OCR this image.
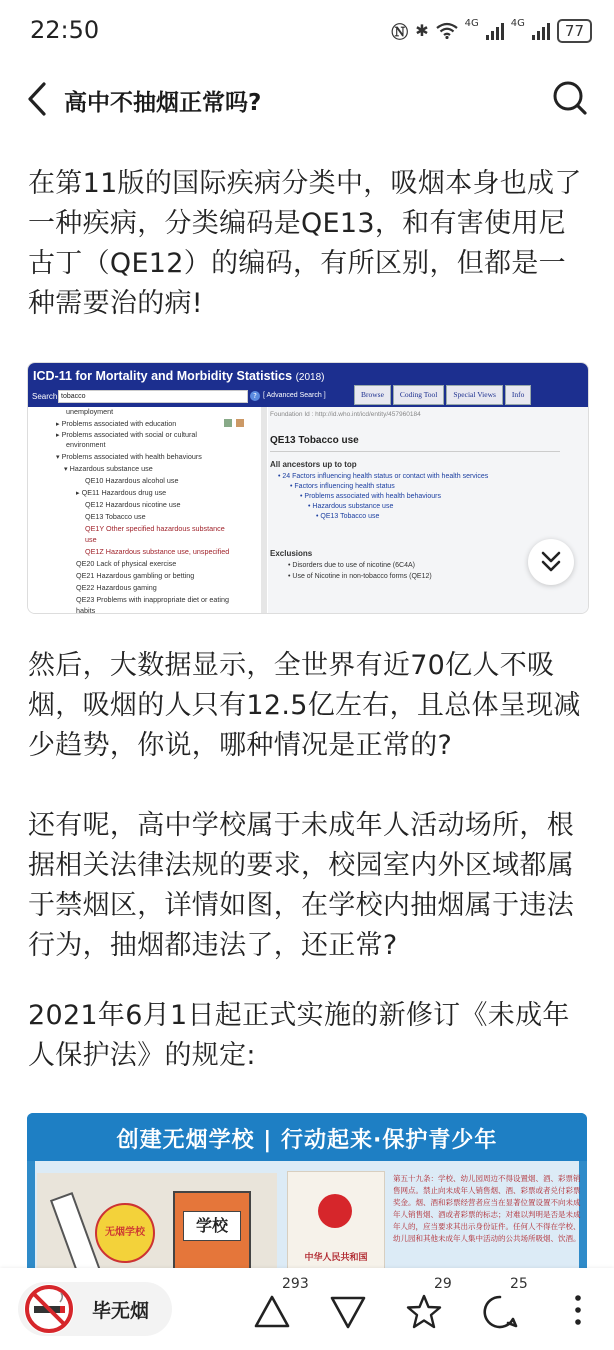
22:50	Ⓝ ✱	4G	4G	77
高中不抽烟正常吗?

在第11版的国际疾病分类中，吸烟本身也成了一种疾病，分类编码是QE13，和有害使用尼古丁（QE12）的编码，有所区别，但都是一种需要治的病!

ICD-11 for Mortality and Morbidity Statistics (2018)
Search tobacco	? [ Advanced Search ]	Browse	Coding Tool	Special Views	Info
unemployment
▸ Problems associated with education
▸ Problems associated with social or cultural
environment
▾ Problems associated with health behaviours
▾ Hazardous substance use
QE10 Hazardous alcohol use
▸ QE11 Hazardous drug use
QE12 Hazardous nicotine use
QE13 Tobacco use
QE1Y Other specified hazardous substance
use
QE1Z Hazardous substance use, unspecified
QE20 Lack of physical exercise
QE21 Hazardous gambling or betting
QE22 Hazardous gaming
QE23 Problems with inappropriate diet or eating
habits
Foundation Id : http://id.who.int/icd/entity/457960184
QE13 Tobacco use
All ancestors up to top
• 24 Factors influencing health status or contact with health services
• Factors influencing health status
• Problems associated with health behaviours
• Hazardous substance use
• QE13 Tobacco use
Exclusions
• Disorders due to use of nicotine (6C4A)
• Use of Nicotine in non-tobacco forms (QE12)

然后，大数据显示，全世界有近70亿人不吸烟，吸烟的人只有12.5亿左右，且总体呈现减少趋势，你说，哪种情况是正常的?

还有呢，高中学校属于未成年人活动场所，根据相关法律法规的要求，校园室内外区域都属于禁烟区，详情如图，在学校内抽烟属于违法行为，抽烟都违法了，还正常?

2021年6月1日起正式实施的新修订《未成年人保护法》的规定:

创建无烟学校 | 行动起来·保护青少年
无烟学校	学校
中华人民共和国
第五十九条：学校、幼儿园周边不得设置烟、酒、彩票销售网点。禁止向未成年人销售烟、酒、彩票或者兑付彩票奖金。烟、酒和彩票经营者应当在显著位置设置不向未成年人销售烟、酒或者彩票的标志；对难以判明是否是未成年人的，应当要求其出示身份证件。任何人不得在学校、幼儿园和其他未成年人集中活动的公共场所吸烟、饮酒。
毕无烟
293	29	25
